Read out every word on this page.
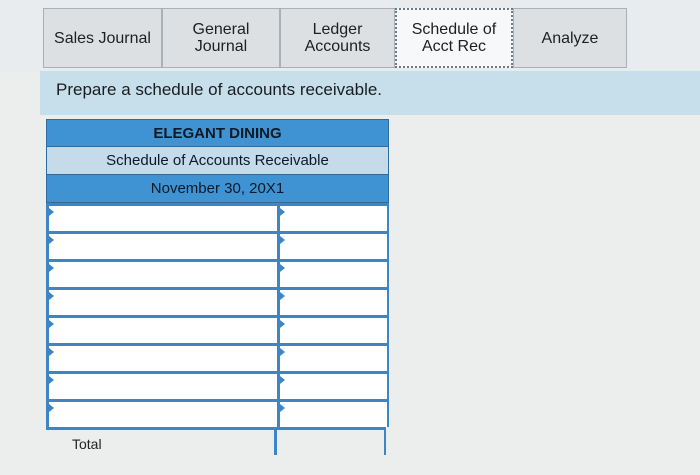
Sales Journal	General
Journal
Ledger
Accounts
Schedule of
Acct Rec	Analyze
Prepare a schedule of accounts receivable.
ELEGANT DINING
Schedule of Accounts Receivable
November 30, 20X1
Total
